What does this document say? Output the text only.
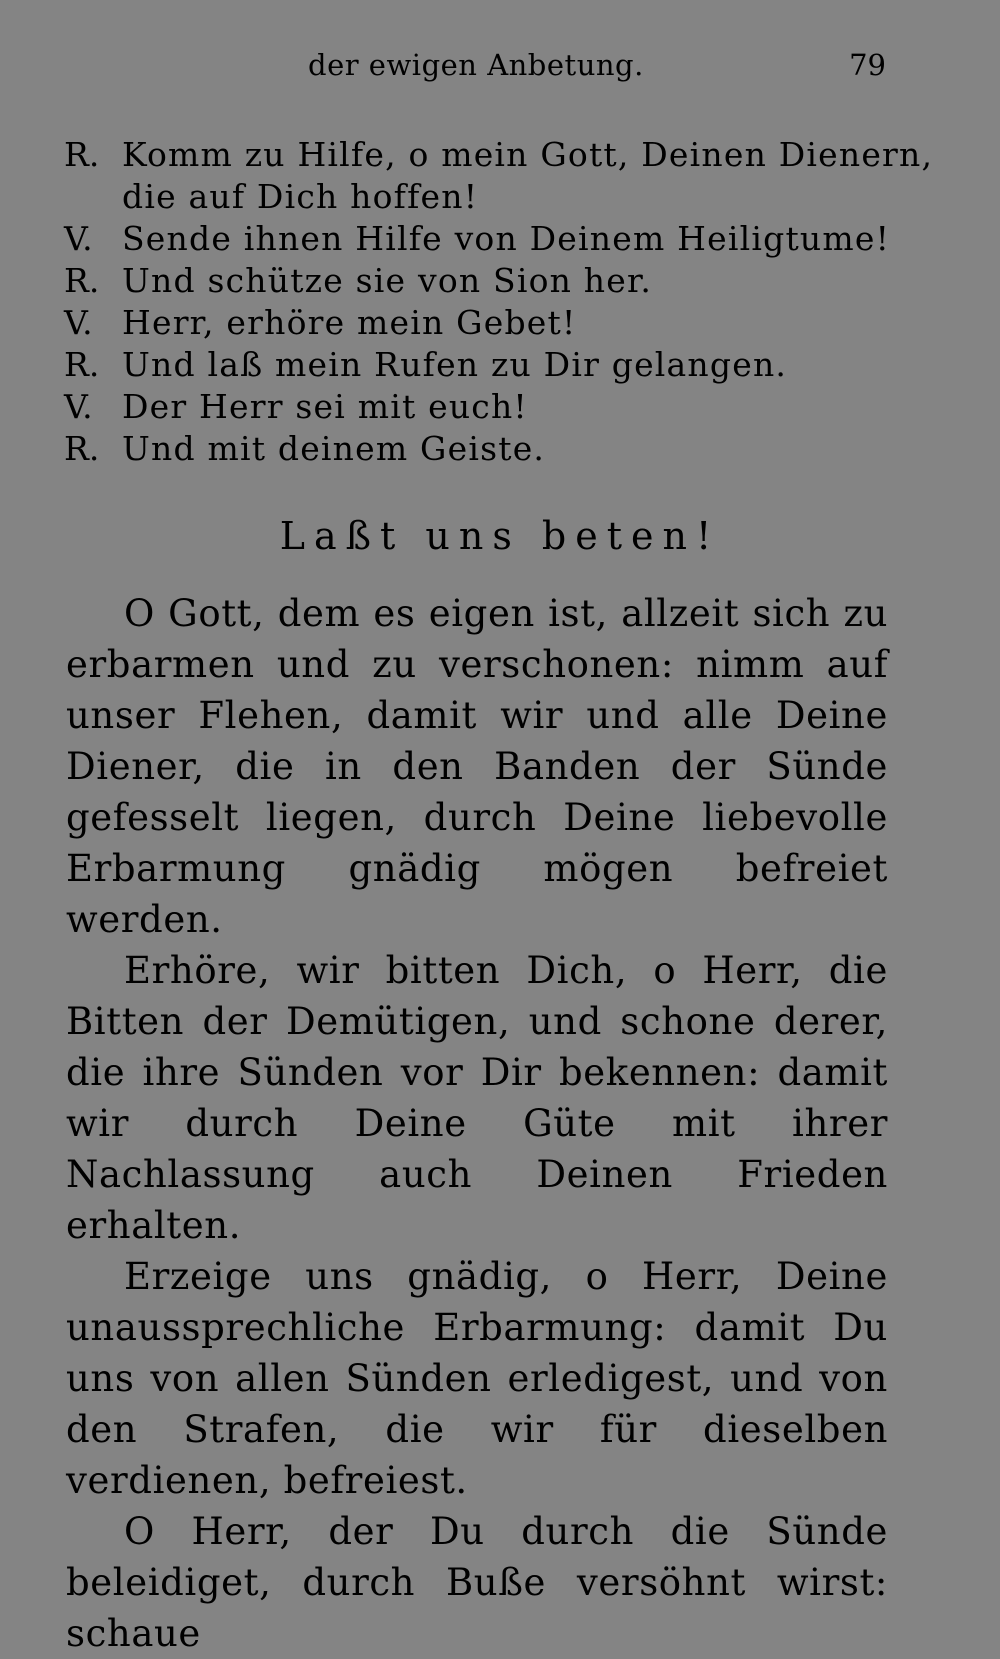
der ewigen Anbetung.	79
R. Komm zu Hilfe, o mein Gott, Deinen Dienern,
die auf Dich hoffen!
V. Sende ihnen Hilfe von Deinem Heiligtume!
R. Und schütze sie von Sion her.
V. Herr, erhöre mein Gebet!
R. Und laß mein Rufen zu Dir gelangen.
V. Der Herr sei mit euch!
R. Und mit deinem Geiste.
Laßt uns beten!

O Gott, dem es eigen ist, allzeit sich zu erbarmen und zu verschonen: nimm auf unser Flehen, damit wir und alle Deine Diener, die in den Banden der Sünde gefesselt liegen, durch Deine liebevolle Erbarmung gnädig mögen befreiet werden.

Erhöre, wir bitten Dich, o Herr, die Bitten der Demütigen, und schone derer, die ihre Sünden vor Dir bekennen: damit wir durch Deine Güte mit ihrer Nachlassung auch Deinen Frieden erhalten.

Erzeige uns gnädig, o Herr, Deine unaussprechliche Erbarmung: damit Du uns von allen Sünden erledigest, und von den Strafen, die wir für dieselben verdienen, befreiest.

O Herr, der Du durch die Sünde beleidiget, durch Buße versöhnt wirst: schaue
